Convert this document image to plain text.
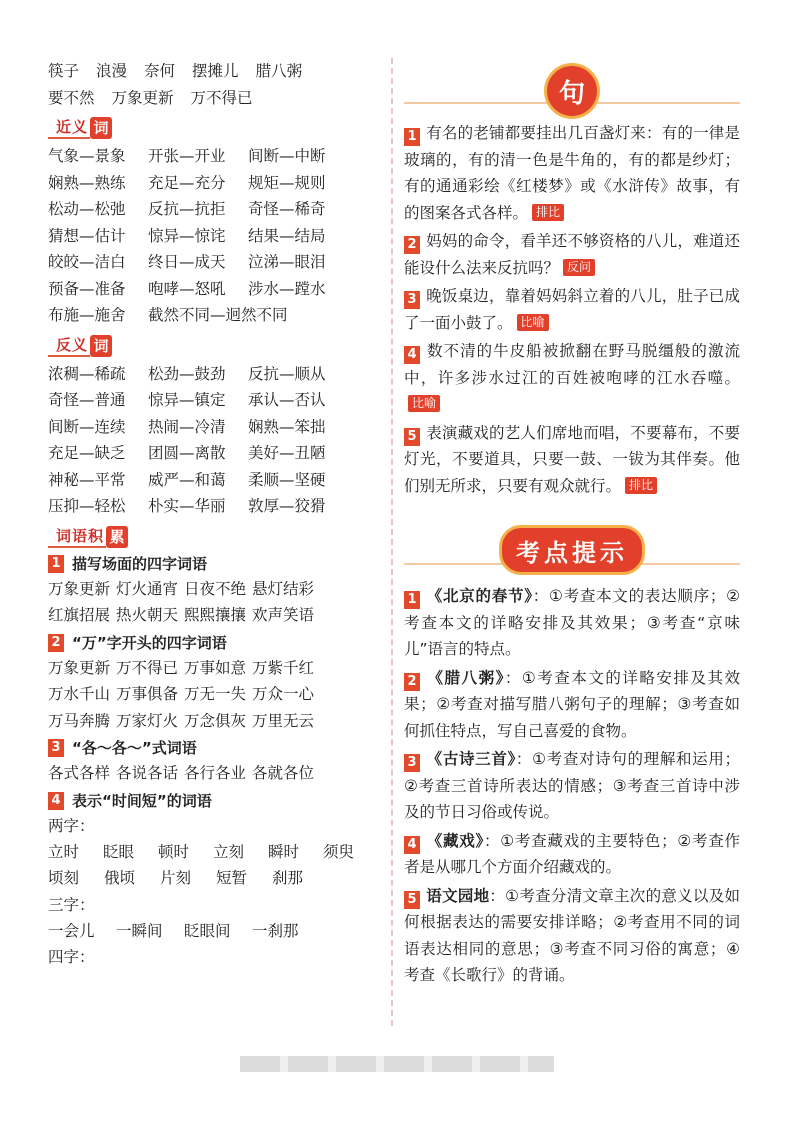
筷子 浪漫 奈何 摆摊儿 腊八粥
要不然 万象更新 万不得已
近义 词
气象—景象	开张—开业	间断—中断
娴熟—熟练	充足—充分	规矩—规则
松动—松弛	反抗—抗拒	奇怪—稀奇
猜想—估计	惊异—惊诧	结果—结局
皎皎—洁白	终日—成天	泣涕—眼泪
预备—准备	咆哮—怒吼	涉水—蹚水
布施—施舍	截然不同—迥然不同
反义 词
浓稠—稀疏	松劲—鼓劲	反抗—顺从
奇怪—普通	惊异—镇定	承认—否认
间断—连续	热闹—冷清	娴熟—笨拙
充足—缺乏	团圆—离散	美好—丑陋
神秘—平常	威严—和蔼	柔顺—坚硬
压抑—轻松	朴实—华丽	敦厚—狡猾
词语积 累
1 描写场面的四字词语
万象更新 灯火通宵 日夜不绝 悬灯结彩
红旗招展 热火朝天 熙熙攘攘 欢声笑语
2 “万”字开头的四字词语
万象更新 万不得已 万事如意 万紫千红
万水千山 万事俱备 万无一失 万众一心
万马奔腾 万家灯火 万念俱灰 万里无云
3 “各～各～”式词语
各式各样 各说各话 各行各业 各就各位
4 表示“时间短”的词语
两字：
立时	眨眼	顿时	立刻	瞬时	须臾
顷刻	俄顷	片刻	短暂	刹那
三字：
一会儿	一瞬间	眨眼间	一刹那
四字：
句
1 有名的老铺都要挂出几百盏灯来：有的一律是玻璃的，有的清一色是牛角的，有的都是纱灯；有的通通彩绘《红楼梦》或《水浒传》故事，有的图案各式各样。 排比
2 妈妈的命令，看羊还不够资格的八儿，难道还能设什么法来反抗吗？ 反问
3 晚饭桌边，靠着妈妈斜立着的八儿，肚子已成了一面小鼓了。 比喻
4 数不清的牛皮船被掀翻在野马脱缰般的激流中，许多涉水过江的百姓被咆哮的江水吞噬。比喻
5 表演藏戏的艺人们席地而唱，不要幕布，不要灯光，不要道具，只要一鼓、一钹为其伴奏。他们别无所求，只要有观众就行。 排比
考点提示
1 《北京的春节》：①考查本文的表达顺序；②考查本文的详略安排及其效果；③考查“京味儿”语言的特点。
2 《腊八粥》：①考查本文的详略安排及其效果；②考查对描写腊八粥句子的理解；③考查如何抓住特点，写自己喜爱的食物。
3 《古诗三首》：①考查对诗句的理解和运用；②考查三首诗所表达的情感；③考查三首诗中涉及的节日习俗或传说。
4 《藏戏》：①考查藏戏的主要特色；②考查作者是从哪几个方面介绍藏戏的。
5 语文园地：①考查分清文章主次的意义以及如何根据表达的需要安排详略；②考查用不同的词语表达相同的意思；③考查不同习俗的寓意；④考查《长歌行》的背诵。
